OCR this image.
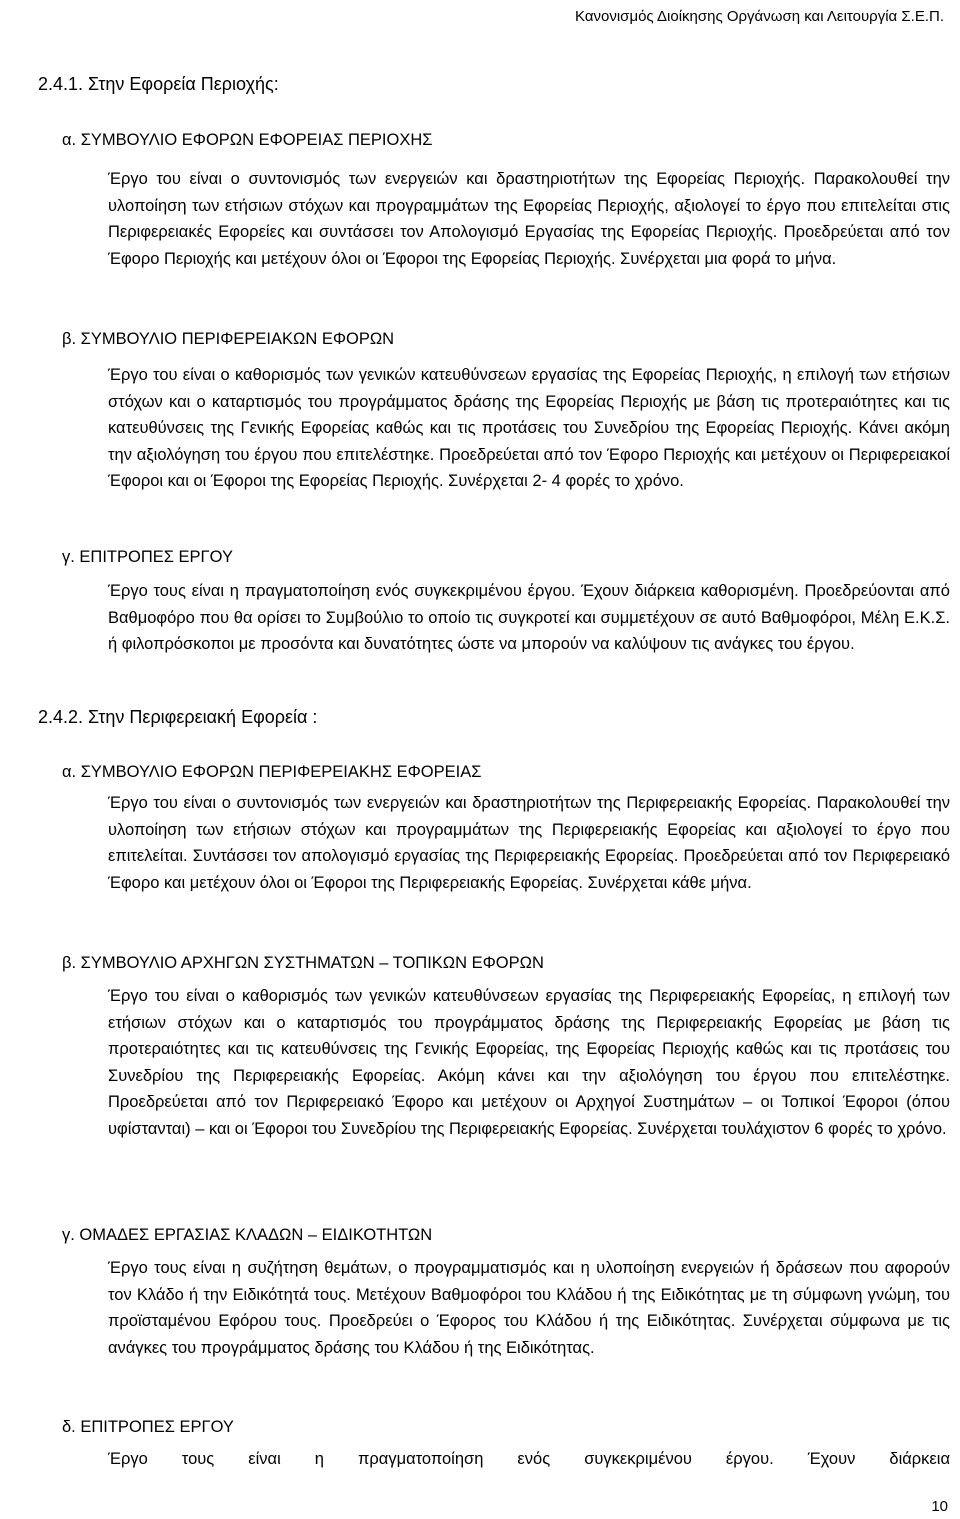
Κανονισμός Διοίκησης Οργάνωση και Λειτουργία Σ.Ε.Π.
2.4.1. Στην Εφορεία Περιοχής:
α. ΣΥΜΒΟΥΛΙΟ ΕΦΟΡΩΝ ΕΦΟΡΕΙΑΣ ΠΕΡΙΟΧΗΣ
Έργο του είναι ο συντονισμός των ενεργειών και δραστηριοτήτων της Εφορείας Περιοχής. Παρακολουθεί την υλοποίηση των ετήσιων στόχων και προγραμμάτων της Εφορείας Περιοχής, αξιολογεί το έργο που επιτελείται στις Περιφερειακές Εφορείες και συντάσσει τον Απολογισμό Εργασίας της Εφορείας Περιοχής. Προεδρεύεται από τον Έφορο Περιοχής και μετέχουν όλοι οι Έφοροι της Εφορείας Περιοχής. Συνέρχεται μια φορά το μήνα.
β. ΣΥΜΒΟΥΛΙΟ ΠΕΡΙΦΕΡΕΙΑΚΩΝ ΕΦΟΡΩΝ
Έργο του είναι ο καθορισμός των γενικών κατευθύνσεων εργασίας της Εφορείας Περιοχής, η επιλογή των ετήσιων στόχων και ο καταρτισμός του προγράμματος δράσης της Εφορείας Περιοχής με βάση τις προτεραιότητες και τις κατευθύνσεις της Γενικής Εφορείας καθώς και τις προτάσεις του Συνεδρίου της Εφορείας Περιοχής. Κάνει ακόμη την αξιολόγηση του έργου που επιτελέστηκε. Προεδρεύεται από τον Έφορο Περιοχής και μετέχουν οι Περιφερειακοί Έφοροι και οι Έφοροι της Εφορείας Περιοχής. Συνέρχεται 2- 4 φορές το χρόνο.
γ. ΕΠΙΤΡΟΠΕΣ ΕΡΓΟΥ
Έργο τους είναι η πραγματοποίηση ενός συγκεκριμένου έργου. Έχουν διάρκεια καθορισμένη. Προεδρεύονται από Βαθμοφόρο που θα ορίσει το Συμβούλιο το οποίο τις συγκροτεί και συμμετέχουν σε αυτό Βαθμοφόροι, Μέλη Ε.Κ.Σ. ή φιλοπρόσκοποι με προσόντα και δυνατότητες ώστε να μπορούν να καλύψουν τις ανάγκες του έργου.
2.4.2. Στην Περιφερειακή Εφορεία :
α. ΣΥΜΒΟΥΛΙΟ ΕΦΟΡΩΝ ΠΕΡΙΦΕΡΕΙΑΚΗΣ ΕΦΟΡΕΙΑΣ
Έργο του είναι ο συντονισμός των ενεργειών και δραστηριοτήτων της Περιφερειακής Εφορείας. Παρακολουθεί την υλοποίηση των ετήσιων στόχων και προγραμμάτων της Περιφερειακής Εφορείας και αξιολογεί το έργο που επιτελείται. Συντάσσει τον απολογισμό εργασίας της Περιφερειακής Εφορείας. Προεδρεύεται από τον Περιφερειακό Έφορο και μετέχουν όλοι οι Έφοροι της Περιφερειακής Εφορείας. Συνέρχεται κάθε μήνα.
β. ΣΥΜΒΟΥΛΙΟ ΑΡΧΗΓΩΝ ΣΥΣΤΗΜΑΤΩΝ – ΤΟΠΙΚΩΝ ΕΦΟΡΩΝ
Έργο του είναι ο καθορισμός των γενικών κατευθύνσεων εργασίας της Περιφερειακής Εφορείας, η επιλογή των ετήσιων στόχων και ο καταρτισμός του προγράμματος δράσης της Περιφερειακής Εφορείας με βάση τις προτεραιότητες και τις κατευθύνσεις της Γενικής Εφορείας, της Εφορείας Περιοχής καθώς και τις προτάσεις του Συνεδρίου της Περιφερειακής Εφορείας. Ακόμη κάνει και την αξιολόγηση του έργου που επιτελέστηκε. Προεδρεύεται από τον Περιφερειακό Έφορο και μετέχουν οι Αρχηγοί Συστημάτων – οι Τοπικοί Έφοροι (όπου υφίστανται) – και οι Έφοροι του Συνεδρίου της Περιφερειακής Εφορείας. Συνέρχεται τουλάχιστον 6 φορές το χρόνο.
γ. ΟΜΑΔΕΣ ΕΡΓΑΣΙΑΣ ΚΛΑΔΩΝ – ΕΙΔΙΚΟΤΗΤΩΝ
Έργο τους είναι η συζήτηση θεμάτων, ο προγραμματισμός και η υλοποίηση ενεργειών ή δράσεων που αφορούν τον Κλάδο ή την Ειδικότητά τους. Μετέχουν Βαθμοφόροι του Κλάδου ή της Ειδικότητας με τη σύμφωνη γνώμη, του προϊσταμένου Εφόρου τους. Προεδρεύει ο Έφορος του Κλάδου ή της Ειδικότητας. Συνέρχεται σύμφωνα με τις ανάγκες του προγράμματος δράσης του Κλάδου ή της Ειδικότητας.
δ. ΕΠΙΤΡΟΠΕΣ ΕΡΓΟΥ
Έργο τους είναι η πραγματοποίηση ενός συγκεκριμένου έργου. Έχουν διάρκεια
10
